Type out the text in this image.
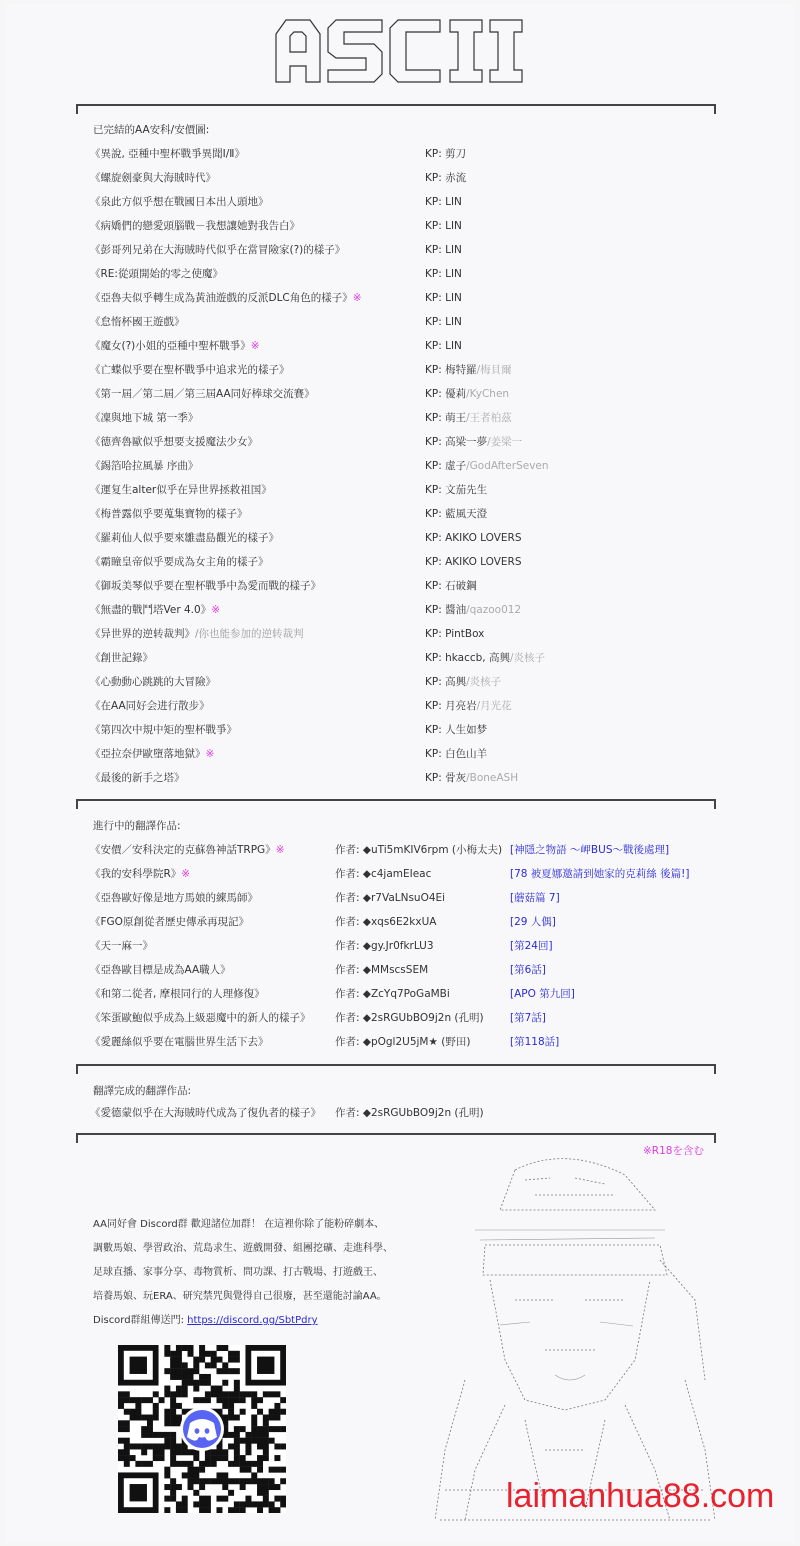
ASCII
已完結的AA安科/安價圖:
《異說, 亞種中聖杯戰爭異聞Ⅰ/Ⅱ》	KP: 剪刀
《螺旋劍豪與大海賊時代》	KP: 赤流
《泉此方似乎想在戰國日本出人頭地》	KP: LIN
《病嬌們的戀愛頭腦戰－我想讓她對我告白》	KP: LIN
《彭哥列兄弟在大海賊時代似乎在當冒險家(?)的樣子》	KP: LIN
《RE:從頭開始的零之使魔》	KP: LIN
《亞魯夫似乎轉生成為黃油遊戲的反派DLC角色的樣子》※	KP: LIN
《怠惰杯國王遊戲》	KP: LIN
《魔女(?)小姐的亞種中聖杯戰爭》※	KP: LIN
《亡蝶似乎要在聖杯戰爭中追求光的樣子》	KP: 梅特羅/梅貝爾
《第一屆／第二屆／第三屆AA同好棒球交流賽》	KP: 優莉/KyChen
《凜與地下城 第一季》	KP: 萌王/王者柏茲
《德齊魯歐似乎想要支援魔法少女》	KP: 高梁一夢/姜梁一
《錫箔哈拉風暴 序曲》	KP: 虚子/GodAfterSeven
《運复生alter似乎在异世界拯救祖国》	KP: 文茄先生
《梅普露似乎要蒐集寶物的樣子》	KP: 藍風天澄
《羅莉仙人似乎要來雛盡島觀光的樣子》	KP: AKIKO LOVERS
《霸瞳皇帝似乎要成為女主角的樣子》	KP: AKIKO LOVERS
《御坂美琴似乎要在聖杯戰爭中為愛而戰的樣子》	KP: 石破鋼
《無盡的戰鬥塔Ver 4.0》※	KP: 醬油/qazoo012
《异世界的逆转裁判》/你也能参加的逆转裁判	KP: PintBox
《創世記錄》	KP: hkaccb, 高興/炎核子
《心動動心跳跳的大冒險》	KP: 高興/炎核子
《在AA同好会进行散步》	KP: 月亮岩/月光花
《第四次中規中矩的聖杯戰爭》	KP: 人生如梦
《亞拉奈伊歐墮落地獄》※	KP: 白色山羊
《最後的新手之塔》	KP: 骨灰/BoneASH
進行中的翻譯作品:
《安價／安科決定的克蘇魯神話TRPG》※	作者: ◆uTi5mKIV6rpm (小梅太夫) [神隱之物語 ～岬BUS～戰後處理]
《我的安科學院R》※	作者: ◆c4jamEIeac	[78 被夏娜邀請到她家的克莉絲 後篇!]
《亞魯歐好像是地方馬娘的練馬師》	作者: ◆r7VaLNsuO4Ei	[蘑菇篇 7]
《FGO原創從者歷史傳承再現記》	作者: ◆xqs6E2kxUA	[29 人偶]
《天一麻一》	作者: ◆gy.Jr0fkrLU3	[第24回]
《亞魯歐目標是成為AA職人》	作者: ◆MMscsSEM	[第6話]
《和第二從者, 摩根同行的人理修復》	作者: ◆ZcYq7PoGaMBi	[APO 第九回]
《笨蛋歐鮑似乎成為上級惡魔中的新人的樣子》 作者: ◆2sRGUbBO9j2n (孔明)	[第7話]
《愛麗絲似乎要在電腦世界生活下去》	作者: ◆pOgl2U5jM★ (野田)	[第118話]
翻譯完成的翻譯作品:
《愛德蒙似乎在大海賊時代成為了復仇者的樣子》 作者: ◆2sRGUbBO9j2n (孔明)
※R18を含む
AA同好會 Discord群 歡迎諸位加群！ 在這裡你除了能粉碎劇本、
調數馬娘、學習政治、荒島求生、遊戲開發、組團挖礦、走進科學、
足球直播、家事分享、毒物賞析、問功課、打古戰場、打遊戲王、
培養馬娘、玩ERA、研究禁咒與覺得自己很廢，甚至還能討論AA。
Discord群組傳送門: https://discord.gg/SbtPdry
laimanhua88.com
